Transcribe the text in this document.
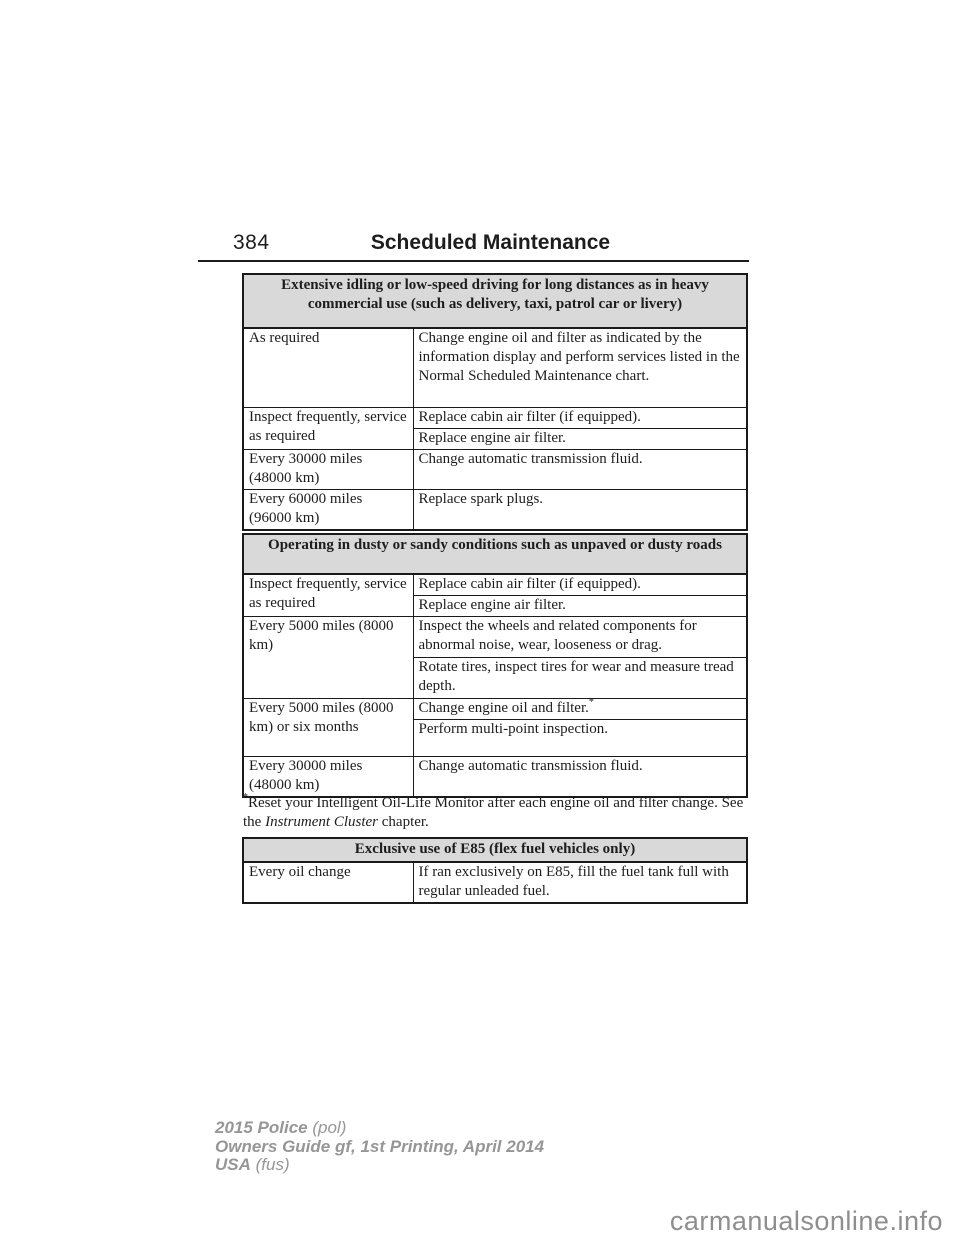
384	Scheduled Maintenance
Extensive idling or low-speed driving for long distances as in heavy commercial use (such as delivery, taxi, patrol car or livery)	
As required	Change engine oil and filter as indicated by the information display and perform services listed in the Normal Scheduled Maintenance chart.
Inspect frequently, service as required	Replace cabin air filter (if equipped).
	Replace engine air filter.
Every 30000 miles (48000 km)	Change automatic transmission fluid.
Every 60000 miles (96000 km)	Replace spark plugs.
Operating in dusty or sandy conditions such as unpaved or dusty roads	
Inspect frequently, service as required	Replace cabin air filter (if equipped).
	Replace engine air filter.
Every 5000 miles (8000 km)	Inspect the wheels and related components for abnormal noise, wear, looseness or drag.
	Rotate tires, inspect tires for wear and measure tread depth.
Every 5000 miles (8000 km) or six months	Change engine oil and filter.*
	Perform multi-point inspection.
Every 30000 miles (48000 km)	Change automatic transmission fluid.
*Reset your Intelligent Oil-Life Monitor after each engine oil and filter change. See the Instrument Cluster chapter.
Exclusive use of E85 (flex fuel vehicles only)
Every oil change	If ran exclusively on E85, fill the fuel tank full with regular unleaded fuel.
2015 Police (pol)
Owners Guide gf, 1st Printing, April 2014
USA (fus)
carmanualsonline.info
